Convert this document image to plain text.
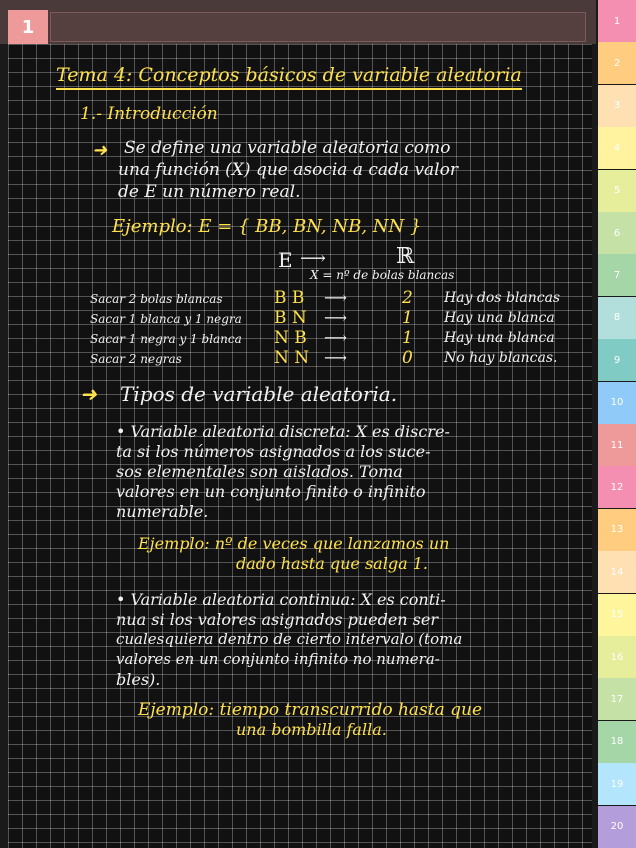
1
Tema 4: Conceptos básicos de variable aleatoria
1.- Introducción
➜ Se define una variable aleatoria como
una función (X) que asocia a cada valor
de E un número real.
Ejemplo: E = { BB, BN, NB, NN }
E ⟶	ℝ
X = nº de bolas blancas
Sacar 2 bolas blancas	B B ⟶	2 Hay dos blancas
Sacar 1 blanca y 1 negra B N ⟶	1 Hay una blanca
Sacar 1 negra y 1 blanca N B ⟶	1 Hay una blanca
Sacar 2 negras	N N ⟶	0 No hay blancas.
➜ Tipos de variable aleatoria.
• Variable aleatoria discreta: X es discre-
ta si los números asignados a los suce-
sos elementales son aislados. Toma
valores en un conjunto finito o infinito
numerable.
Ejemplo: nº de veces que lanzamos un
dado hasta que salga 1.
• Variable aleatoria continua: X es conti-
nua si los valores asignados pueden ser
cualesquiera dentro de cierto intervalo (toma
valores en un conjunto infinito no numera-
bles).
Ejemplo: tiempo transcurrido hasta que
una bombilla falla.
1
2
3
4
5
6
7
8
9
10
11
12
13
14
15
16
17
18
19
20
